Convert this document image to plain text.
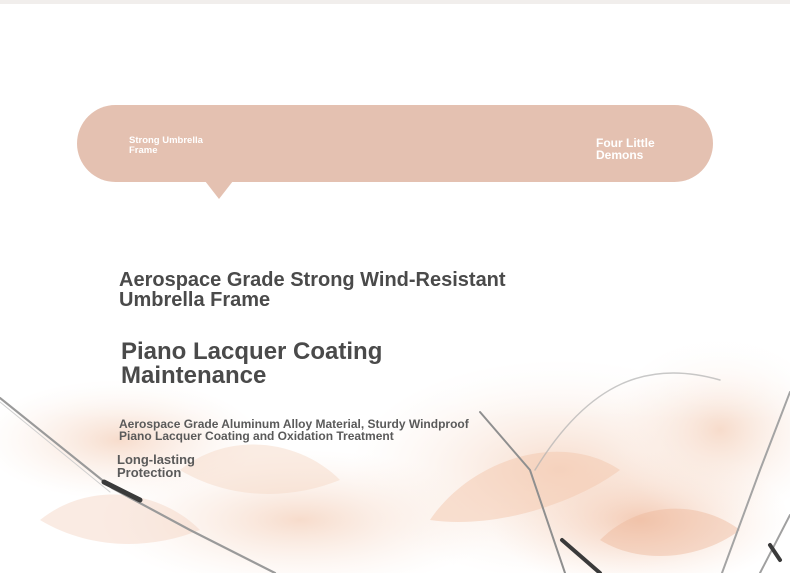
Strong Umbrella
Frame	Four Little
Demons

Aerospace Grade Strong Wind-Resistant
Umbrella Frame
Piano Lacquer Coating
Maintenance

Aerospace Grade Aluminum Alloy Material, Sturdy Windproof
Piano Lacquer Coating and Oxidation Treatment

Long-lasting
Protection
